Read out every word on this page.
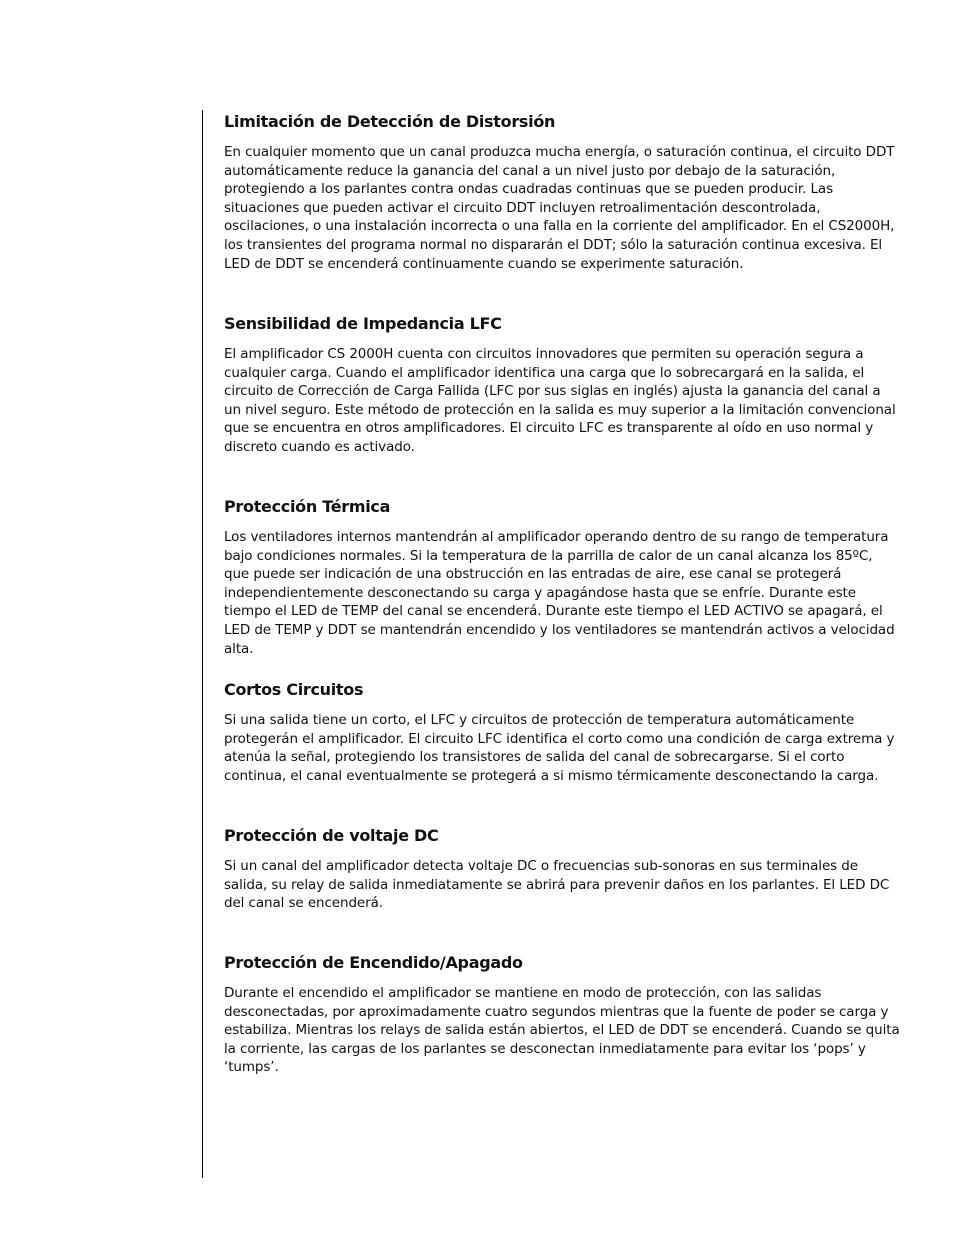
Limitación de Detección de Distorsión

En cualquier momento que un canal produzca mucha energía, o saturación continua, el circuito DDT automáticamente reduce la ganancia del canal a un nivel justo por debajo de la saturación, protegiendo a los parlantes contra ondas cuadradas continuas que se pueden producir. Las situaciones que pueden activar el circuito DDT incluyen retroalimentación descontrolada, oscilaciones, o una instalación incorrecta o una falla en la corriente del amplificador. En el CS2000H, los transientes del programa normal no dispararán el DDT; sólo la saturación continua excesiva. El LED de DDT se encenderá continuamente cuando se experimente saturación.

Sensibilidad de Impedancia LFC

El amplificador CS 2000H cuenta con circuitos innovadores que permiten su operación segura a cualquier carga. Cuando el amplificador identifica una carga que lo sobrecargará en la salida, el circuito de Corrección de Carga Fallida (LFC por sus siglas en inglés) ajusta la ganancia del canal a un nivel seguro. Este método de protección en la salida es muy superior a la limitación convencional que se encuentra en otros amplificadores. El circuito LFC es transparente al oído en uso normal y discreto cuando es activado.

Protección Térmica

Los ventiladores internos mantendrán al amplificador operando dentro de su rango de temperatura bajo condiciones normales. Si la temperatura de la parrilla de calor de un canal alcanza los 85ºC, que puede ser indicación de una obstrucción en las entradas de aire, ese canal se protegerá independientemente desconectando su carga y apagándose hasta que se enfríe. Durante este tiempo el LED de TEMP del canal se encenderá. Durante este tiempo el LED ACTIVO se apagará, el LED de TEMP y DDT se mantendrán encendido y los ventiladores se mantendrán activos a velocidad alta.

Cortos Circuitos

Si una salida tiene un corto, el LFC y circuitos de protección de temperatura automáticamente protegerán el amplificador. El circuito LFC identifica el corto como una condición de carga extrema y atenúa la señal, protegiendo los transistores de salida del canal de sobrecargarse. Si el corto continua, el canal eventualmente se protegerá a si mismo térmicamente desconectando la carga.

Protección de voltaje DC

Si un canal del amplificador detecta voltaje DC o frecuencias sub-sonoras en sus terminales de salida, su relay de salida inmediatamente se abrirá para prevenir daños en los parlantes. El LED DC del canal se encenderá.

Protección de Encendido/Apagado

Durante el encendido el amplificador se mantiene en modo de protección, con las salidas desconectadas, por aproximadamente cuatro segundos mientras que la fuente de poder se carga y estabiliza. Mientras los relays de salida están abiertos, el LED de DDT se encenderá. Cuando se quita la corriente, las cargas de los parlantes se desconectan inmediatamente para evitar los ‘pops’ y ‘tumps’.
